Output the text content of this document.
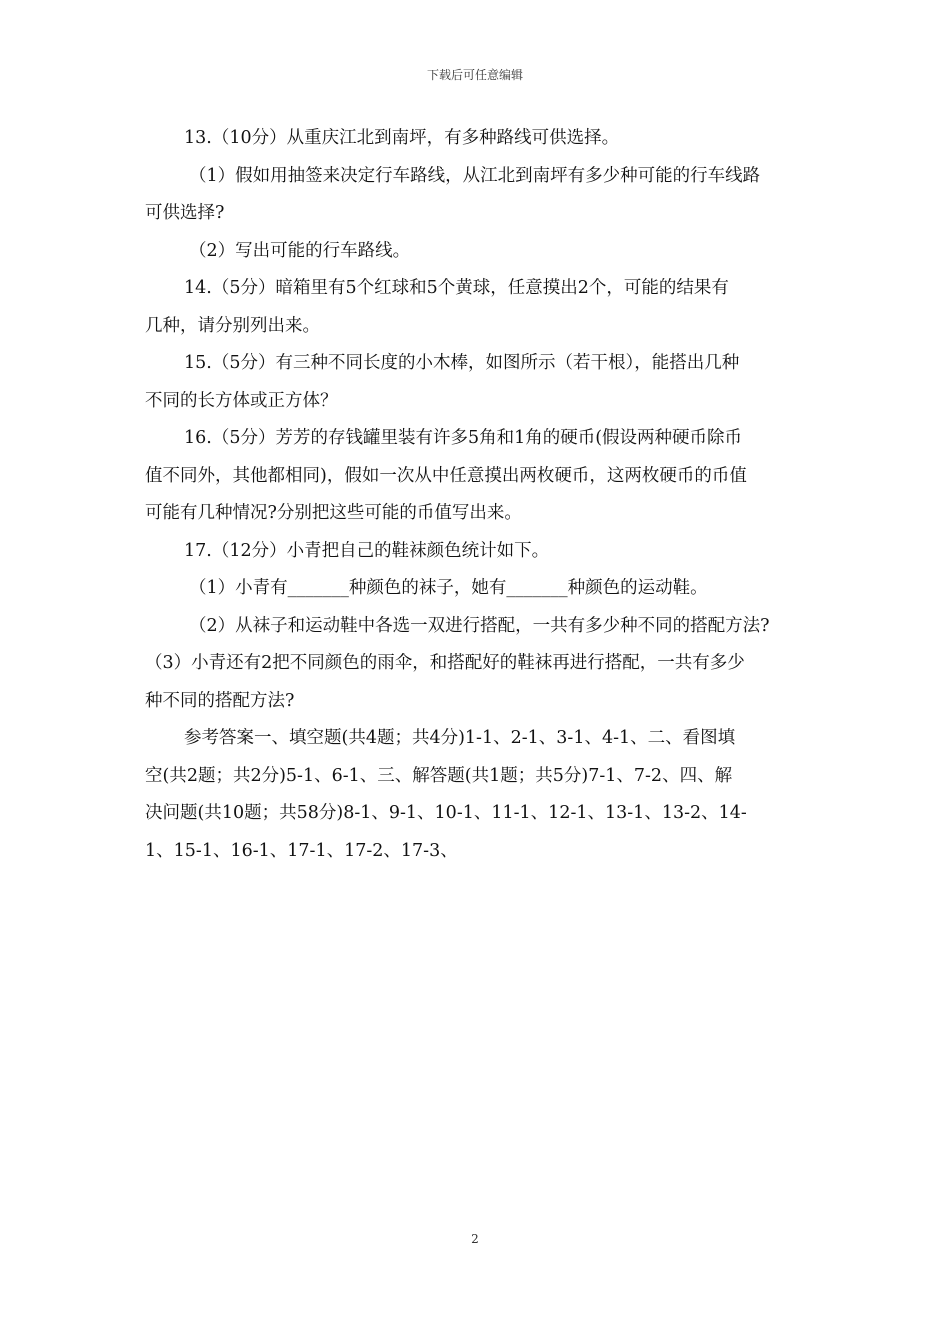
下载后可任意编辑
13.（10分）从重庆江北到南坪，有多种路线可供选择。
（1）假如用抽签来决定行车路线，从江北到南坪有多少种可能的行车线路
可供选择?
（2）写出可能的行车路线。
14.（5分）暗箱里有5个红球和5个黄球，任意摸出2个，可能的结果有
几种，请分别列出来。
15.（5分）有三种不同长度的小木棒，如图所示（若干根），能搭出几种
不同的长方体或正方体？
16.（5分）芳芳的存钱罐里装有许多5角和1角的硬币(假设两种硬币除币
值不同外，其他都相同)，假如一次从中任意摸出两枚硬币，这两枚硬币的币值
可能有几种情况?分别把这些可能的币值写出来。
17.（12分）小青把自己的鞋袜颜色统计如下。
（1）小青有_______种颜色的袜子，她有_______种颜色的运动鞋。
（2）从袜子和运动鞋中各选一双进行搭配，一共有多少种不同的搭配方法?
（3）小青还有2把不同颜色的雨伞，和搭配好的鞋袜再进行搭配，一共有多少
种不同的搭配方法?
参考答案一、填空题(共4题；共4分)1-1、2-1、3-1、4-1、二、看图填
空(共2题；共2分)5-1、6-1、三、解答题(共1题；共5分)7-1、7-2、四、解
决问题(共10题；共58分)8-1、9-1、10-1、11-1、12-1、13-1、13-2、14-
1、15-1、16-1、17-1、17-2、17-3、
2
